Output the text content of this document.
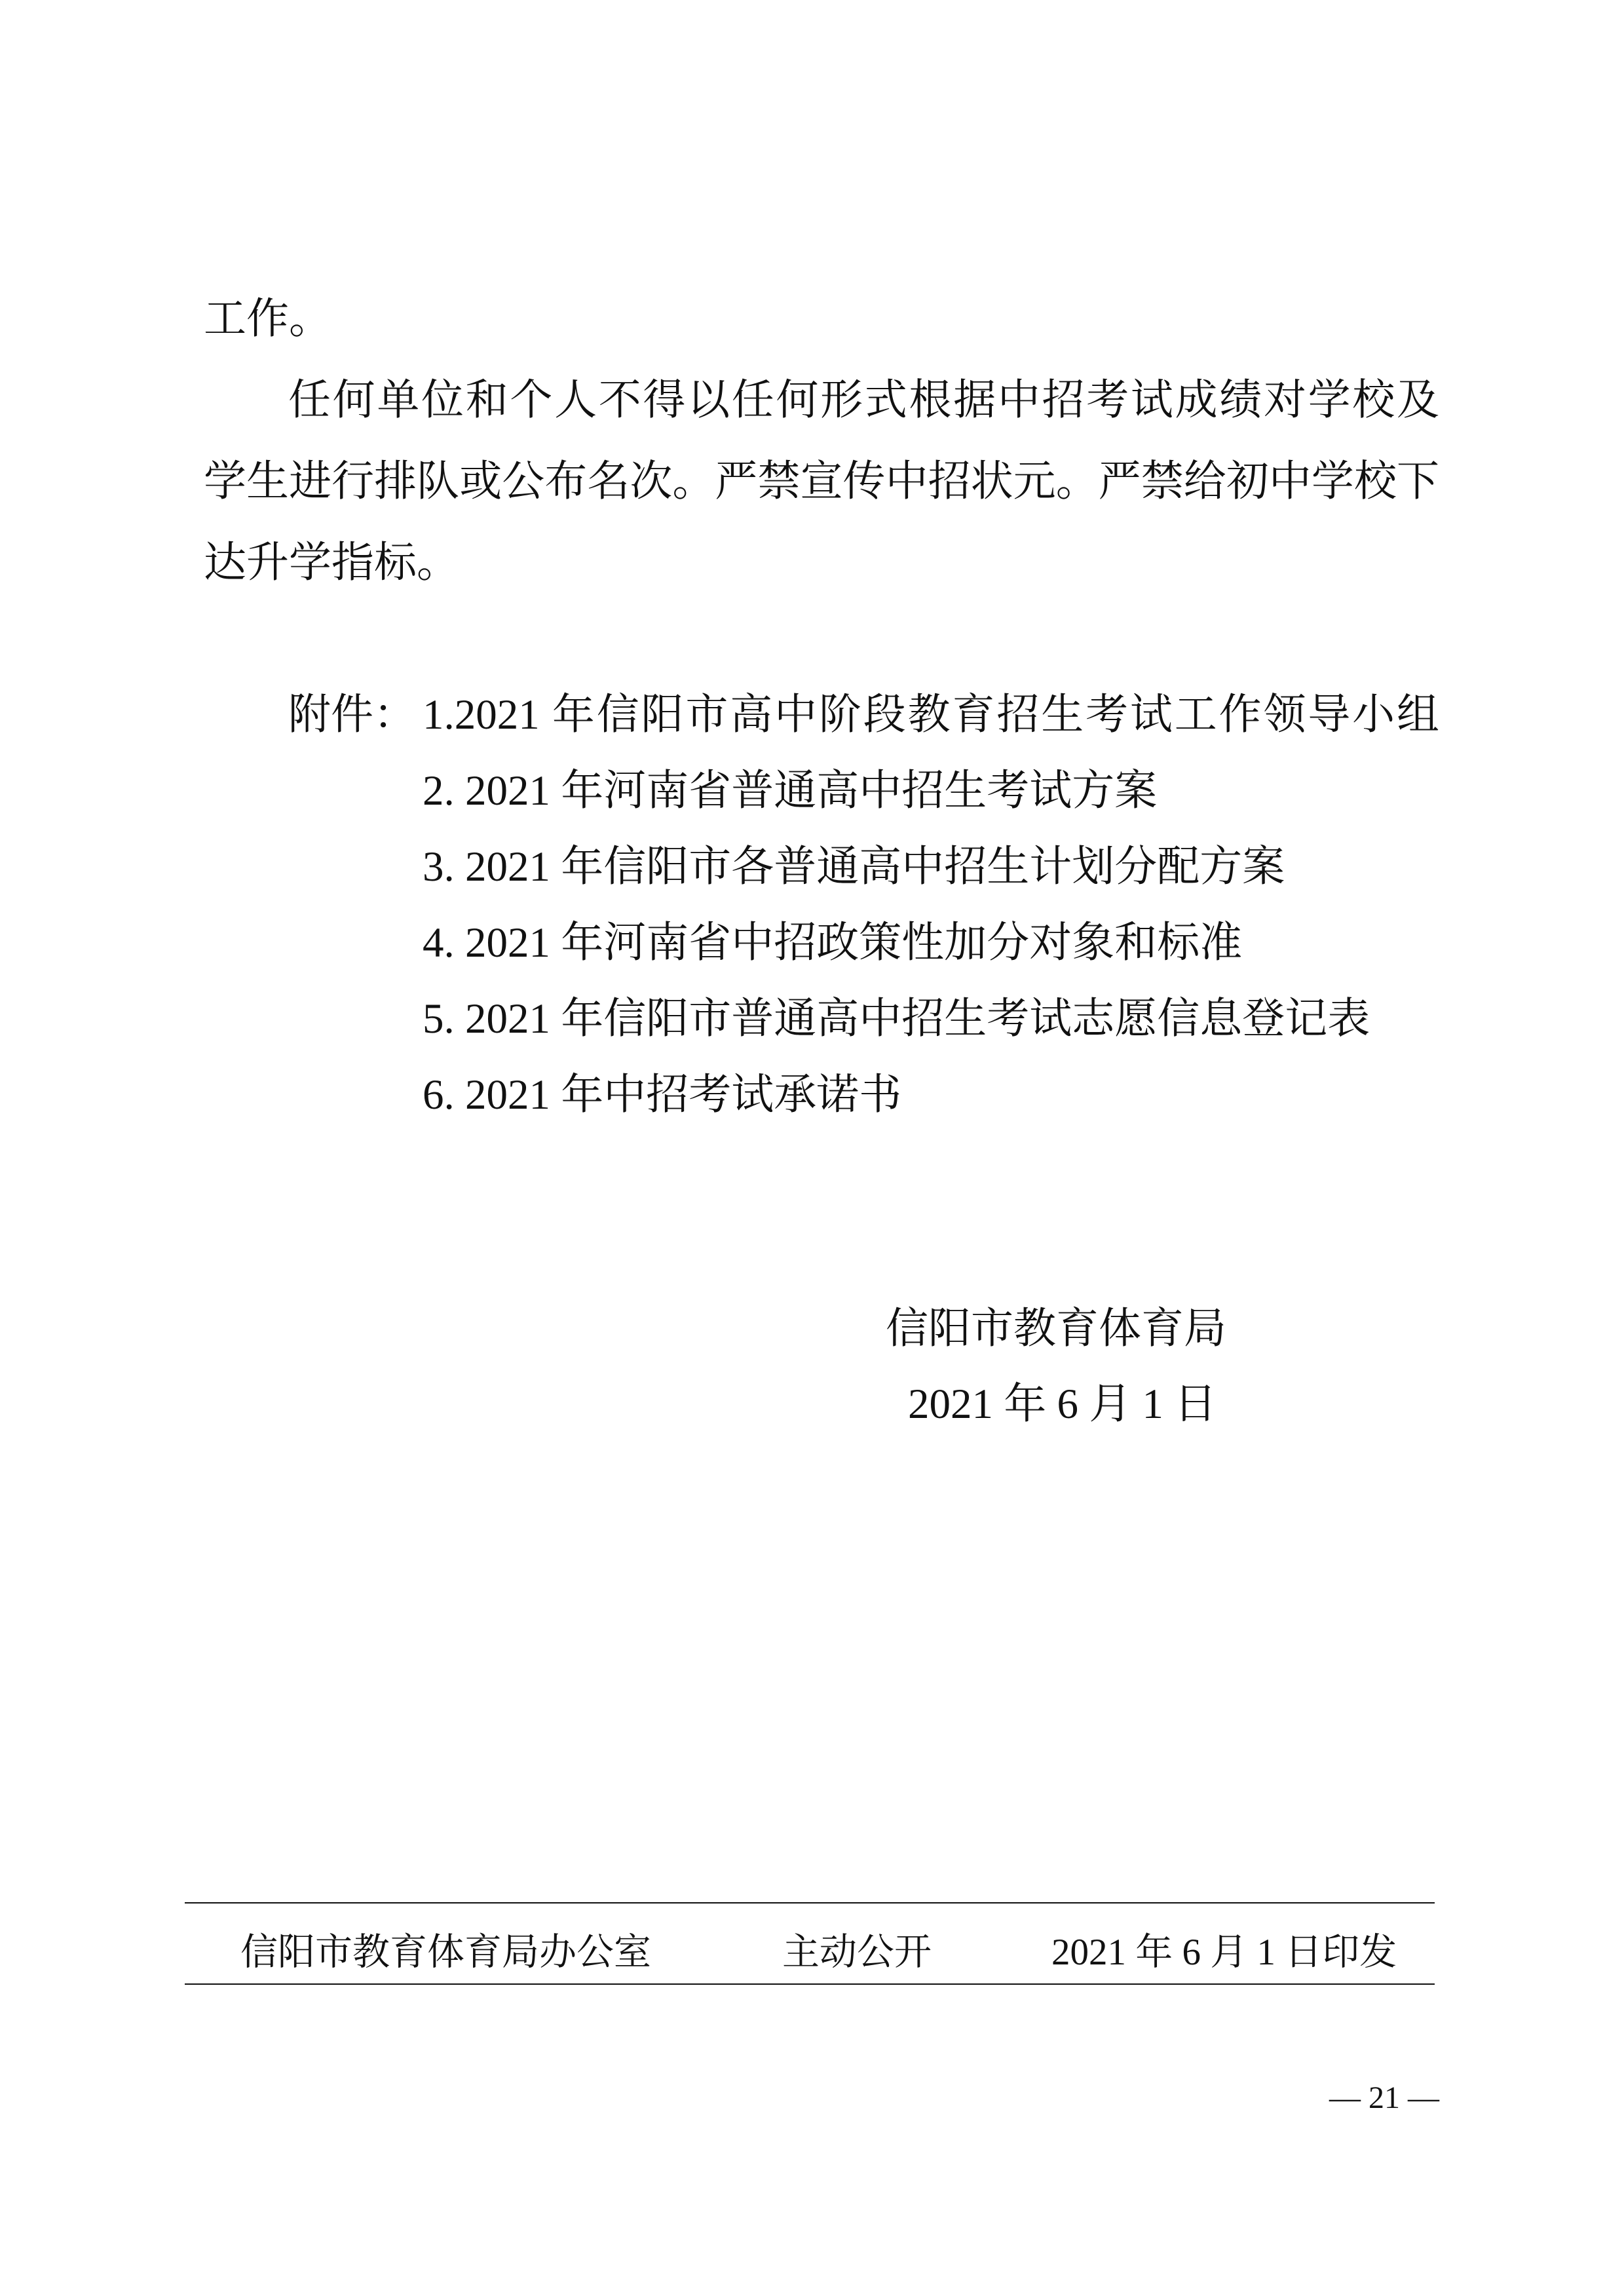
工作。
任何单位和个人不得以任何形式根据中招考试成绩对学校及
学生进行排队或公布名次。严禁宣传中招状元。严禁给初中学校下
达升学指标。
附件： 1.2021 年信阳市高中阶段教育招生考试工作领导小组
2. 2021 年河南省普通高中招生考试方案
3. 2021 年信阳市各普通高中招生计划分配方案
4. 2021 年河南省中招政策性加分对象和标准
5. 2021 年信阳市普通高中招生考试志愿信息登记表
6. 2021 年中招考试承诺书
信阳市教育体育局
2021 年 6 月 1 日
信阳市教育体育局办公室	主动公开	2021 年 6 月 1 日印发
— 21 —
